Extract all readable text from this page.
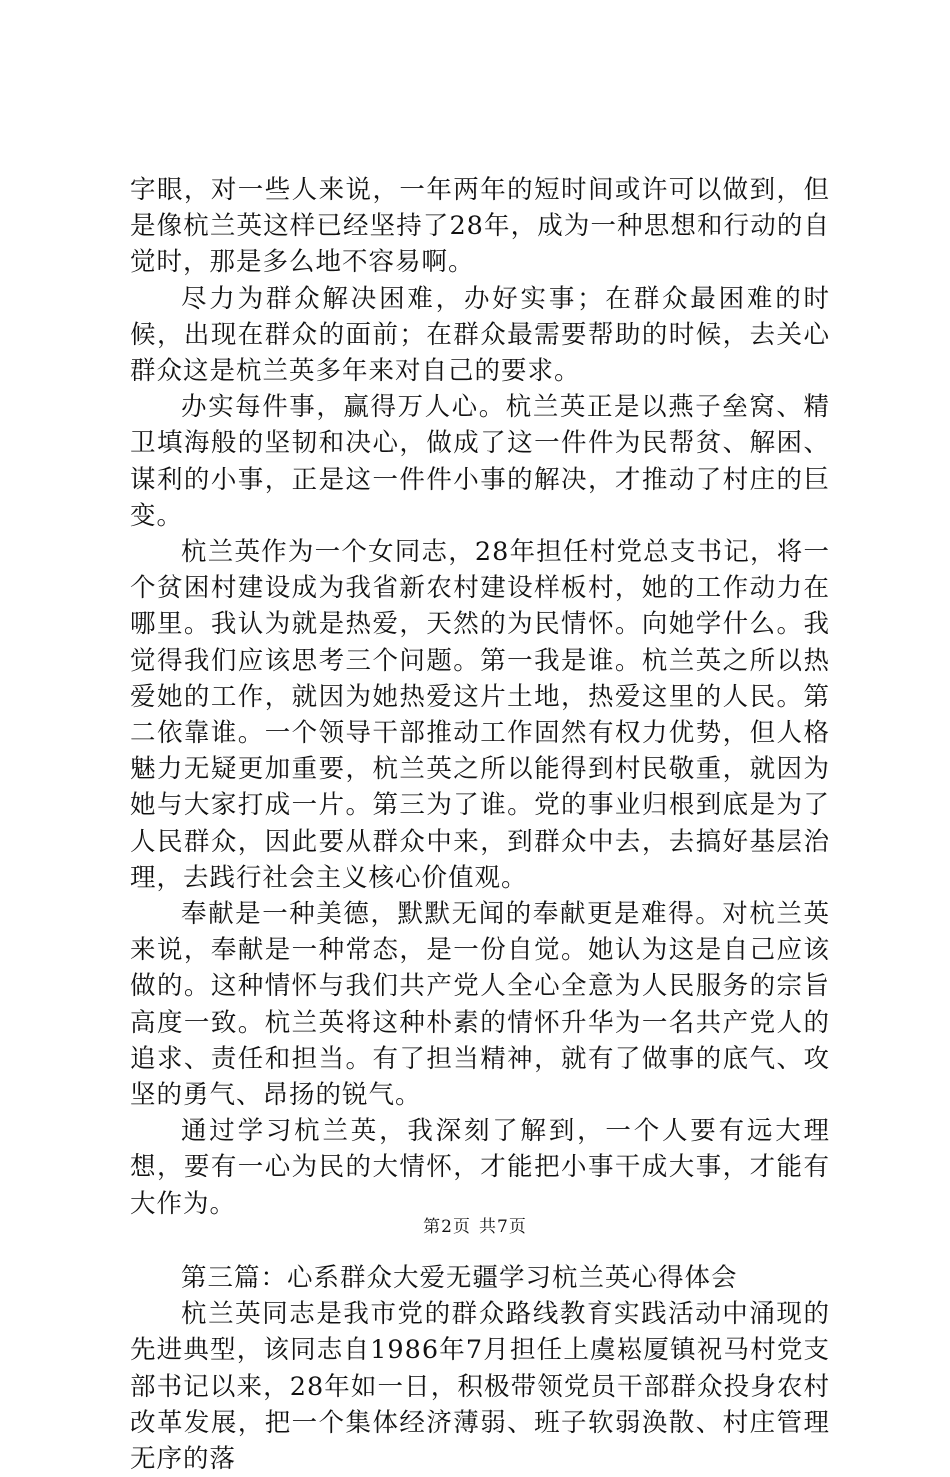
字眼，对一些人来说，一年两年的短时间或许可以做到，但是像杭兰英这样已经坚持了28年，成为一种思想和行动的自觉时，那是多么地不容易啊。

尽力为群众解决困难，办好实事；在群众最困难的时候，出现在群众的面前；在群众最需要帮助的时候，去关心群众这是杭兰英多年来对自己的要求。

办实每件事，赢得万人心。杭兰英正是以燕子垒窝、精卫填海般的坚韧和决心，做成了这一件件为民帮贫、解困、谋利的小事，正是这一件件小事的解决，才推动了村庄的巨变。

杭兰英作为一个女同志，28年担任村党总支书记，将一个贫困村建设成为我省新农村建设样板村，她的工作动力在哪里。我认为就是热爱，天然的为民情怀。向她学什么。我觉得我们应该思考三个问题。第一我是谁。杭兰英之所以热爱她的工作，就因为她热爱这片土地，热爱这里的人民。第二依靠谁。一个领导干部推动工作固然有权力优势，但人格魅力无疑更加重要，杭兰英之所以能得到村民敬重，就因为她与大家打成一片。第三为了谁。党的事业归根到底是为了人民群众，因此要从群众中来，到群众中去，去搞好基层治理，去践行社会主义核心价值观。

奉献是一种美德，默默无闻的奉献更是难得。对杭兰英来说，奉献是一种常态，是一份自觉。她认为这是自己应该做的。这种情怀与我们共产党人全心全意为人民服务的宗旨高度一致。杭兰英将这种朴素的情怀升华为一名共产党人的追求、责任和担当。有了担当精神，就有了做事的底气、攻坚的勇气、昂扬的锐气。

通过学习杭兰英，我深刻了解到，一个人要有远大理想，要有一心为民的大情怀，才能把小事干成大事，才能有大作为。

第三篇：心系群众大爱无疆学习杭兰英心得体会

杭兰英同志是我市党的群众路线教育实践活动中涌现的先进典型，该同志自1986年7月担任上虞崧厦镇祝马村党支部书记以来，28年如一日，积极带领党员干部群众投身农村改革发展，把一个集体经济薄弱、班子软弱涣散、村庄管理无序的落

第2页 共7页
